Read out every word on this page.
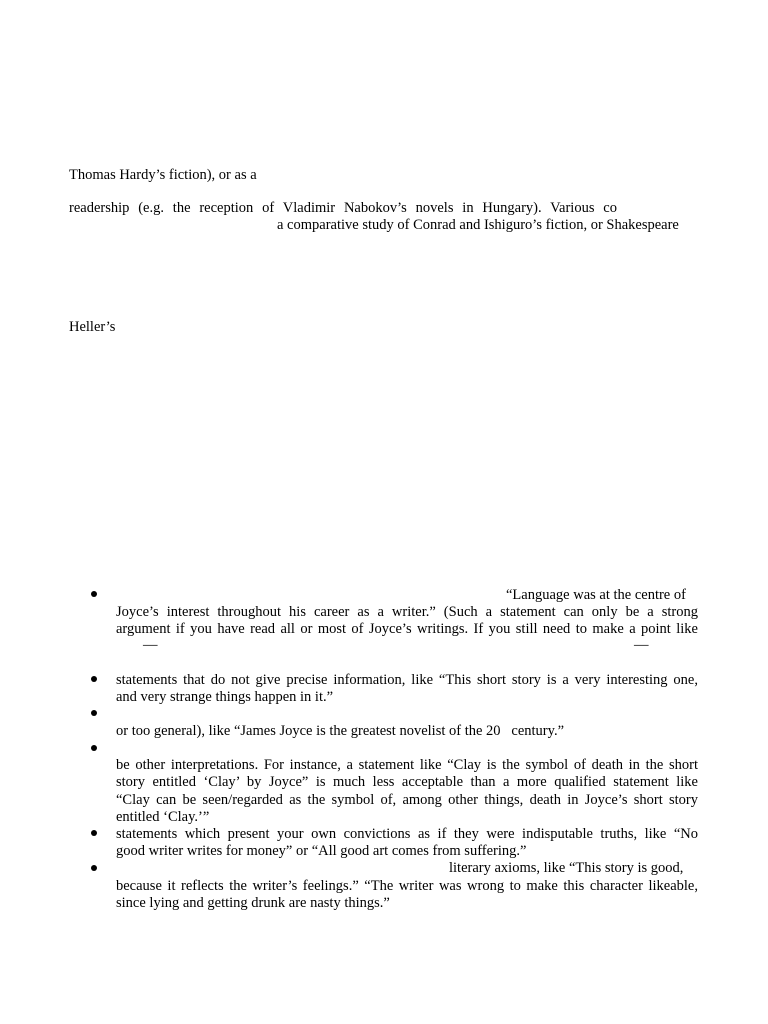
Thomas Hardy’s fiction), or as a
readership (e.g. the reception of Vladimir Nabokov’s novels in Hungary). Various co
a comparative study of Conrad and Ishiguro’s fiction, or Shakespeare
Heller’s
“Language was at the centre of
Joyce’s interest throughout his career as a writer.” (Such a statement can only be a strong
argument if you have read all or most of Joyce’s writings. If you still need to make a point like
—	—
statements that do not give precise information, like “This short story is a very interesting one,
and very strange things happen in it.”
or too general), like “James Joyce is the greatest novelist of the 20   century.”
be other interpretations. For instance, a statement like “Clay is the symbol of death in the short
story entitled ‘Clay’ by Joyce” is much less acceptable than a more qualified statement like
“Clay can be seen/regarded as the symbol of, among other things, death in Joyce’s short story
entitled ‘Clay.’”
statements which present your own convictions as if they were indisputable truths, like “No
good writer writes for money” or “All good art comes from suffering.”
literary axioms, like “This story is good,
because it reflects the writer’s feelings.” “The writer was wrong to make this character likeable,
since lying and getting drunk are nasty things.”
